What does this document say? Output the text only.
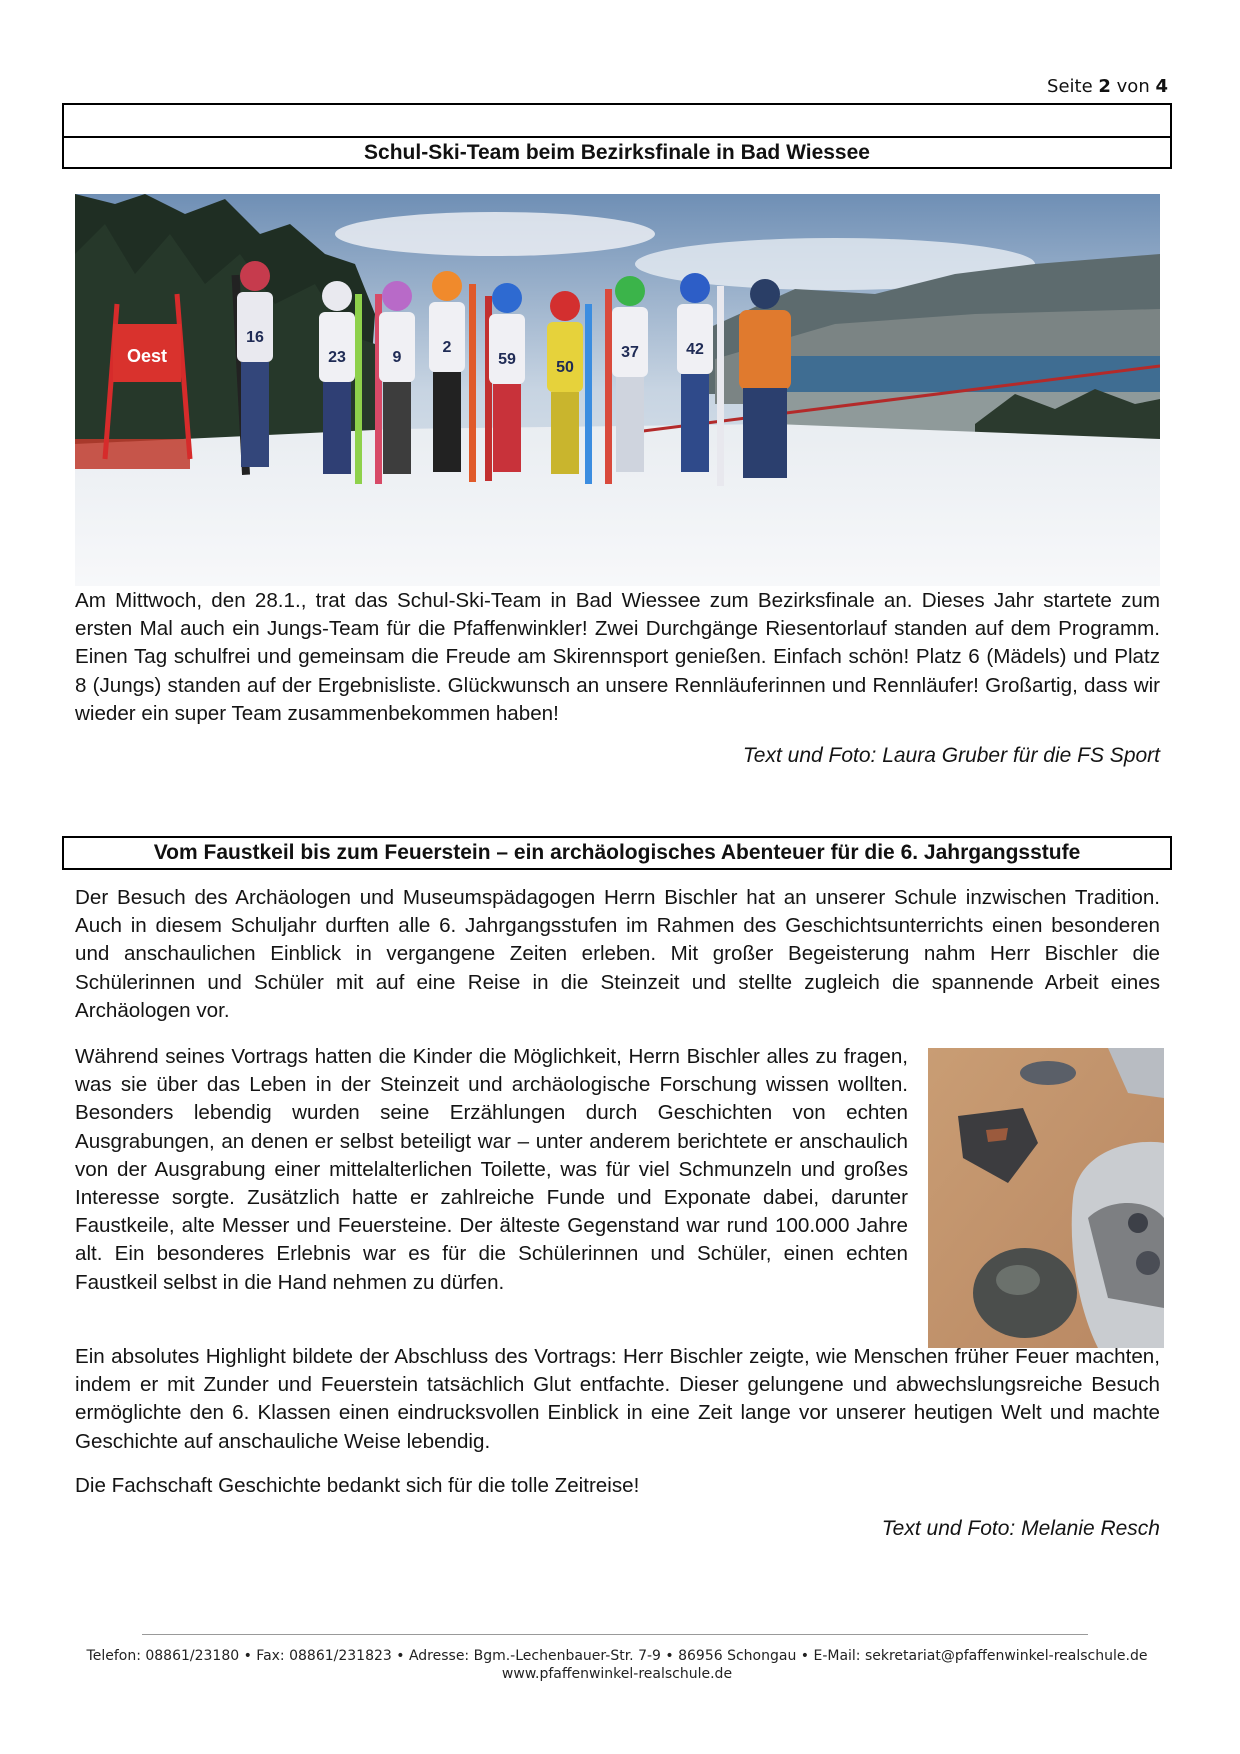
Seite 2 von 4
Schul-Ski-Team beim Bezirksfinale in Bad Wiessee
Oest
16
23	9
2
59	50
37	42
Am Mittwoch, den 28.1., trat das Schul-Ski-Team in Bad Wiessee zum Bezirksfinale an. Dieses Jahr startete zum ersten Mal auch ein Jungs-Team für die Pfaffenwinkler! Zwei Durchgänge Riesentorlauf standen auf dem Programm. Einen Tag schulfrei und gemeinsam die Freude am Skirennsport genießen. Einfach schön! Platz 6 (Mädels) und Platz 8 (Jungs) standen auf der Ergebnisliste. Glückwunsch an unsere Rennläuferinnen und Rennläufer! Großartig, dass wir wieder ein super Team zusammenbekommen haben!
Text und Foto: Laura Gruber für die FS Sport
Vom Faustkeil bis zum Feuerstein – ein archäologisches Abenteuer für die 6. Jahrgangsstufe
Der Besuch des Archäologen und Museumspädagogen Herrn Bischler hat an unserer Schule inzwischen Tradition. Auch in diesem Schuljahr durften alle 6. Jahrgangsstufen im Rahmen des Geschichtsunterrichts einen besonderen und anschaulichen Einblick in vergangene Zeiten erleben. Mit großer Begeisterung nahm Herr Bischler die Schülerinnen und Schüler mit auf eine Reise in die Steinzeit und stellte zugleich die spannende Arbeit eines Archäologen vor.
Während seines Vortrags hatten die Kinder die Möglichkeit, Herrn Bischler alles zu fragen, was sie über das Leben in der Steinzeit und archäologische Forschung wissen wollten. Besonders lebendig wurden seine Erzählungen durch Geschichten von echten Ausgrabungen, an denen er selbst beteiligt war – unter anderem berichtete er anschaulich von der Ausgrabung einer mittelalterlichen Toilette, was für viel Schmunzeln und großes Interesse sorgte. Zusätzlich hatte er zahlreiche Funde und Exponate dabei, darunter Faustkeile, alte Messer und Feuersteine. Der älteste Gegenstand war rund 100.000 Jahre alt. Ein besonderes Erlebnis war es für die Schülerinnen und Schüler, einen echten Faustkeil selbst in die Hand nehmen zu dürfen.
Ein absolutes Highlight bildete der Abschluss des Vortrags: Herr Bischler zeigte, wie Menschen früher Feuer machten, indem er mit Zunder und Feuerstein tatsächlich Glut entfachte. Dieser gelungene und abwechslungsreiche Besuch ermöglichte den 6. Klassen einen eindrucksvollen Einblick in eine Zeit lange vor unserer heutigen Welt und machte Geschichte auf anschauliche Weise lebendig.
Die Fachschaft Geschichte bedankt sich für die tolle Zeitreise!
Text und Foto: Melanie Resch
Telefon: 08861/23180 • Fax: 08861/231823 • Adresse: Bgm.-Lechenbauer-Str. 7-9 • 86956 Schongau • E-Mail: sekretariat@pfaffenwinkel-realschule.de
www.pfaffenwinkel-realschule.de
